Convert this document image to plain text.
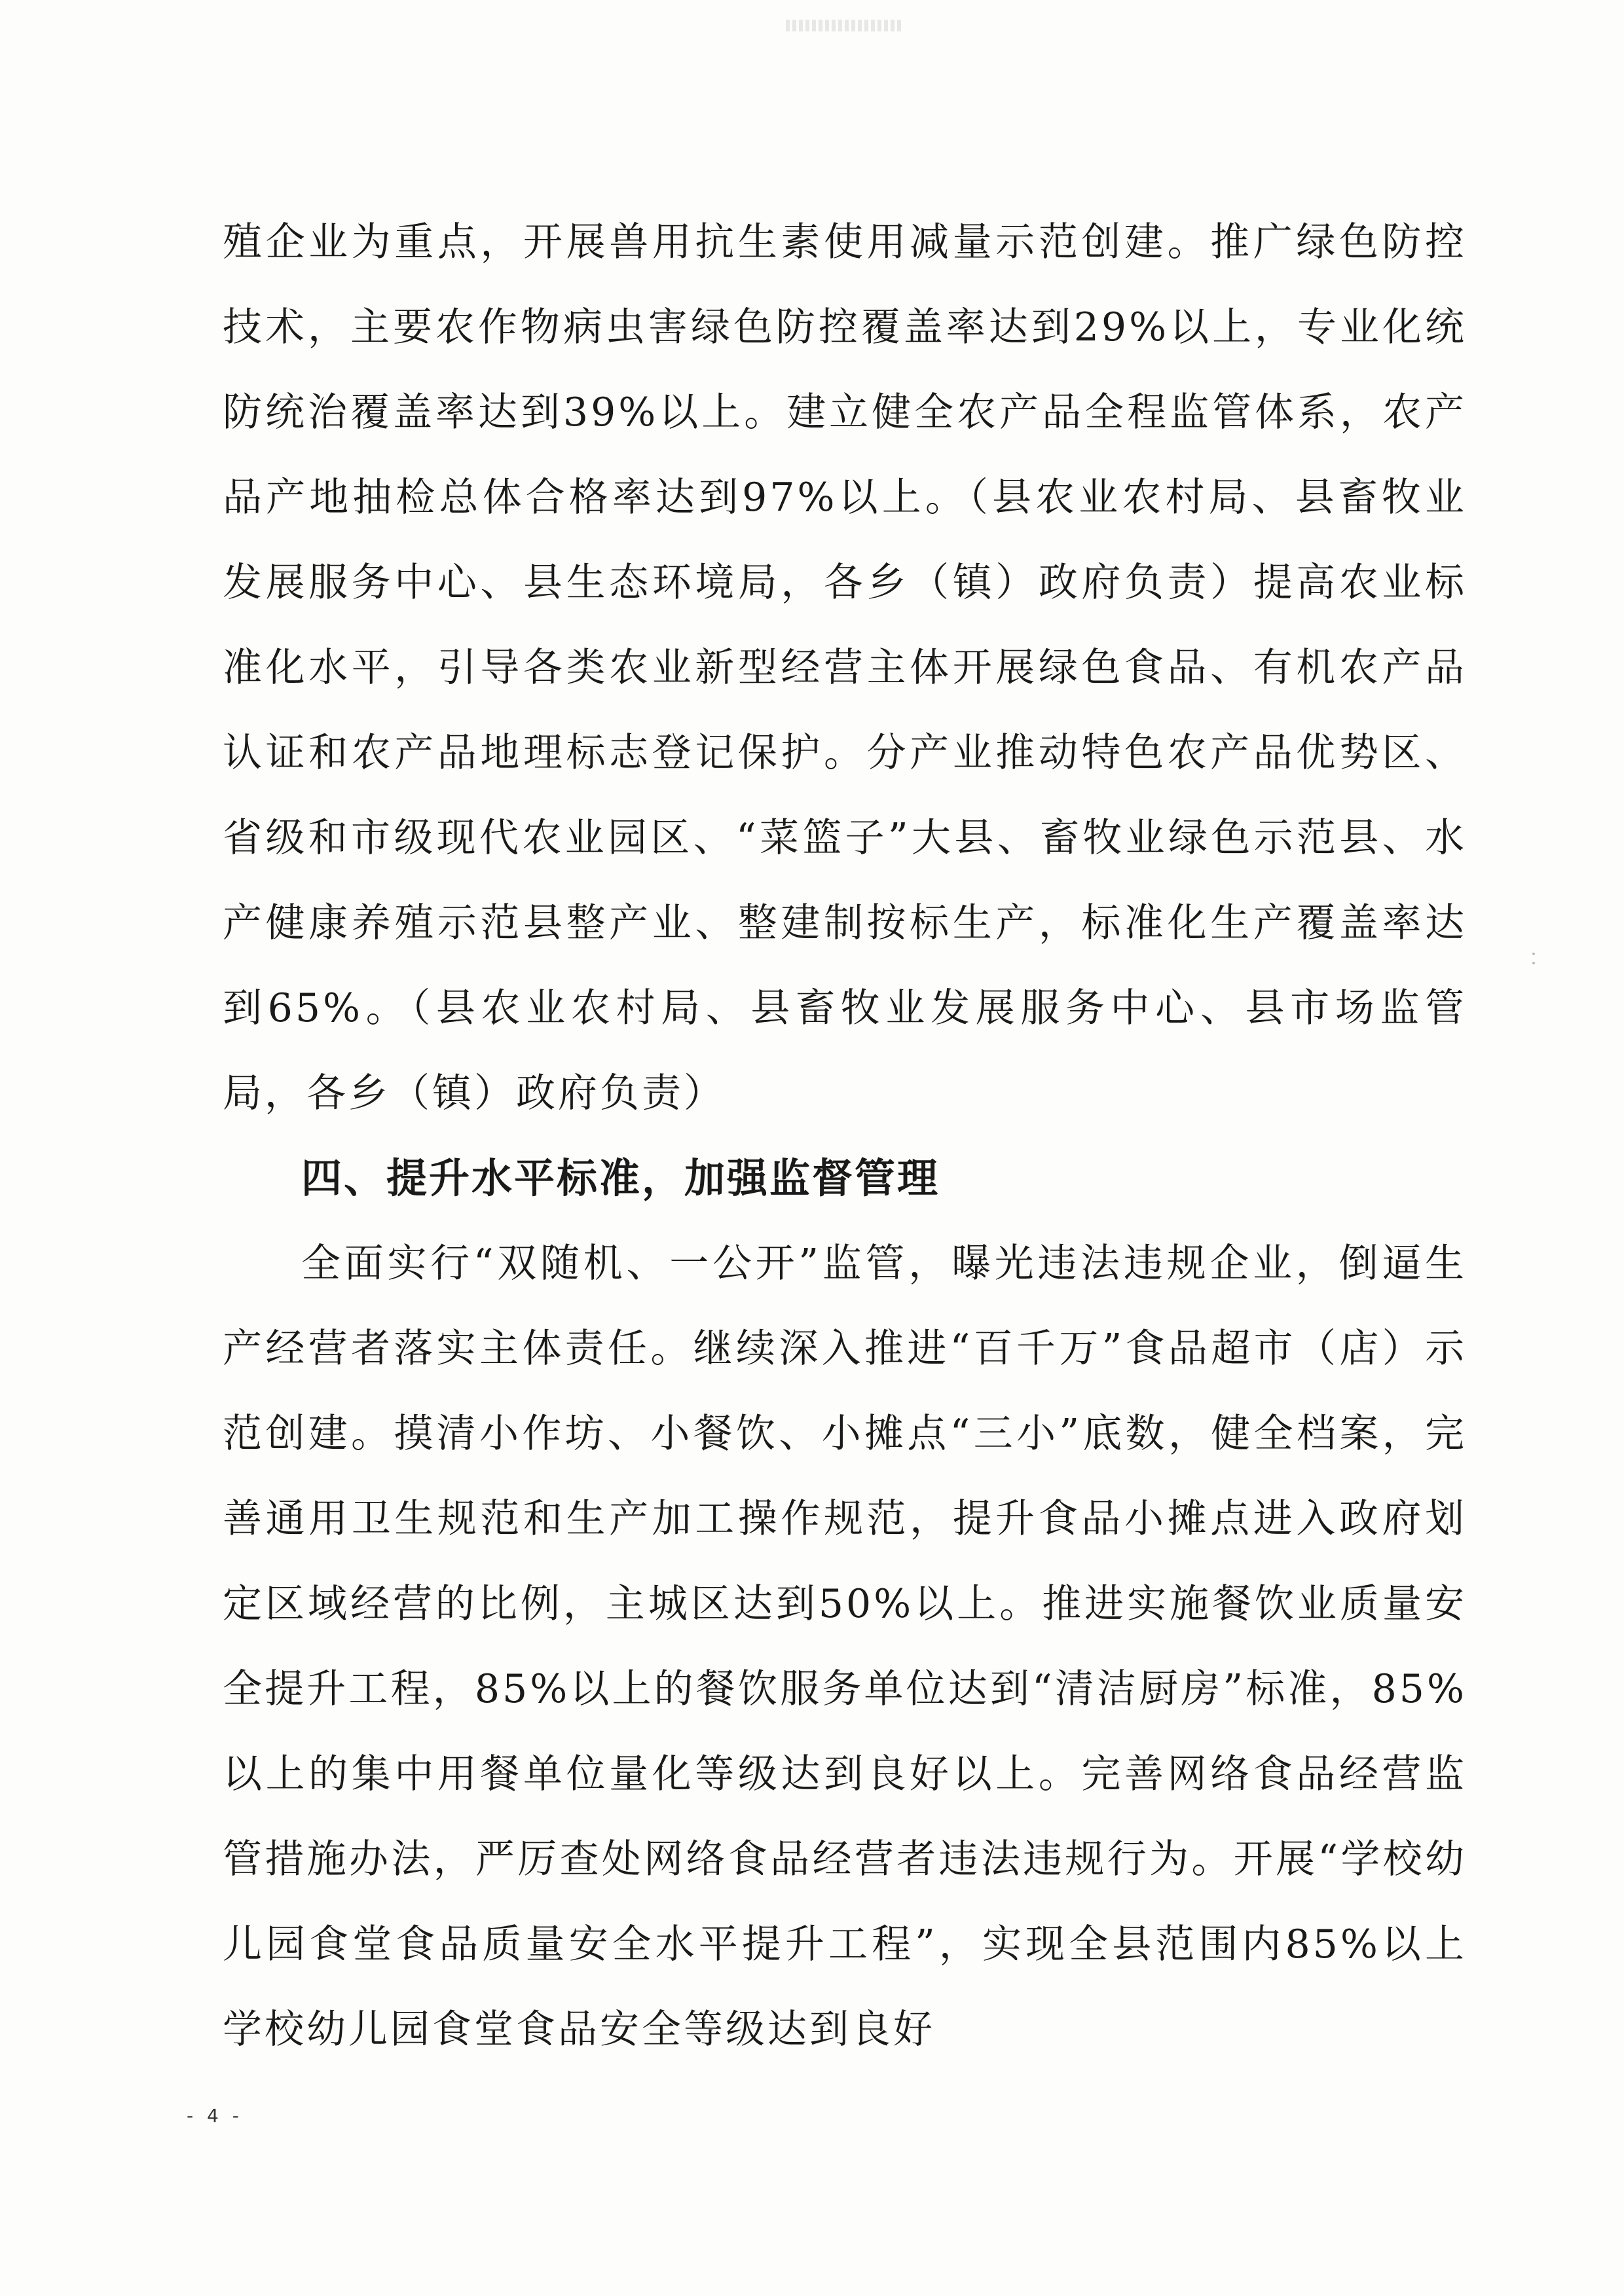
殖企业为重点，开展兽用抗生素使用减量示范创建。推广绿色防控技术，主要农作物病虫害绿色防控覆盖率达到29%以上，专业化统防统治覆盖率达到39%以上。建立健全农产品全程监管体系，农产品产地抽检总体合格率达到97%以上。（县农业农村局、县畜牧业发展服务中心、县生态环境局，各乡（镇）政府负责）提高农业标准化水平，引导各类农业新型经营主体开展绿色食品、有机农产品认证和农产品地理标志登记保护。分产业推动特色农产品优势区、省级和市级现代农业园区、“菜篮子”大县、畜牧业绿色示范县、水产健康养殖示范县整产业、整建制按标生产，标准化生产覆盖率达到65%。（县农业农村局、县畜牧业发展服务中心、县市场监管局，各乡（镇）政府负责）

四、提升水平标准，加强监督管理

全面实行“双随机、一公开”监管，曝光违法违规企业，倒逼生产经营者落实主体责任。继续深入推进“百千万”食品超市（店）示范创建。摸清小作坊、小餐饮、小摊点“三小”底数，健全档案，完善通用卫生规范和生产加工操作规范，提升食品小摊点进入政府划定区域经营的比例，主城区达到50%以上。推进实施餐饮业质量安全提升工程，85%以上的餐饮服务单位达到“清洁厨房”标准，85%以上的集中用餐单位量化等级达到良好以上。完善网络食品经营监管措施办法，严厉查处网络食品经营者违法违规行为。开展“学校幼儿园食堂食品质量安全水平提升工程”，实现全县范围内85%以上学校幼儿园食堂食品安全等级达到良好

- 4 -
